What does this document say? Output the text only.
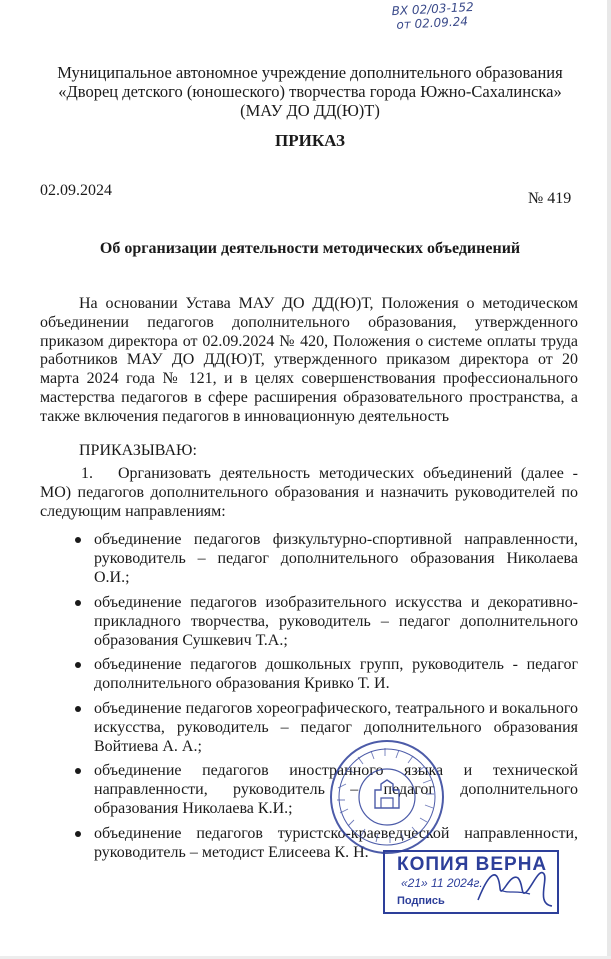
ВХ 02/03-152
от 02.09.24
Муниципальное автономное учреждение дополнительного образования
«Дворец детского (юношеского) творчества города Южно-Сахалинска»
(МАУ ДО ДД(Ю)Т)
ПРИКАЗ
02.09.2024	№ 419
Об организации деятельности методических объединений
На основании Устава МАУ ДО ДД(Ю)Т, Положения о методическом объединении педагогов дополнительного образования, утвержденного приказом директора от 02.09.2024 № 420, Положения о системе оплаты труда работников МАУ ДО ДД(Ю)Т, утвержденного приказом директора от 20 марта 2024 года № 121, и в целях совершенствования профессионального мастерства педагогов в сфере расширения образовательного пространства, а также включения педагогов в инновационную деятельность
ПРИКАЗЫВАЮ:
1. Организовать деятельность методических объединений (далее - МО) педагогов дополнительного образования и назначить руководителей по следующим направлениям:
объединение педагогов физкультурно-спортивной направленности, руководитель – педагог дополнительного образования Николаева О.И.;
объединение педагогов изобразительного искусства и декоративно-прикладного творчества, руководитель – педагог дополнительного образования Сушкевич Т.А.;
объединение педагогов дошкольных групп, руководитель - педагог дополнительного образования Кривко Т. И.
объединение педагогов хореографического, театрального и вокального искусства, руководитель – педагог дополнительного образования Войтиева А. А.;
объединение педагогов иностранного языка и технической направленности, руководитель – педагог дополнительного образования Николаева К.И.;
объединение педагогов туристско-краеведческой направленности, руководитель – методист Елисеева К. Н.
КОПИЯ ВЕРНА
«21» 11 2024г.
Подпись
